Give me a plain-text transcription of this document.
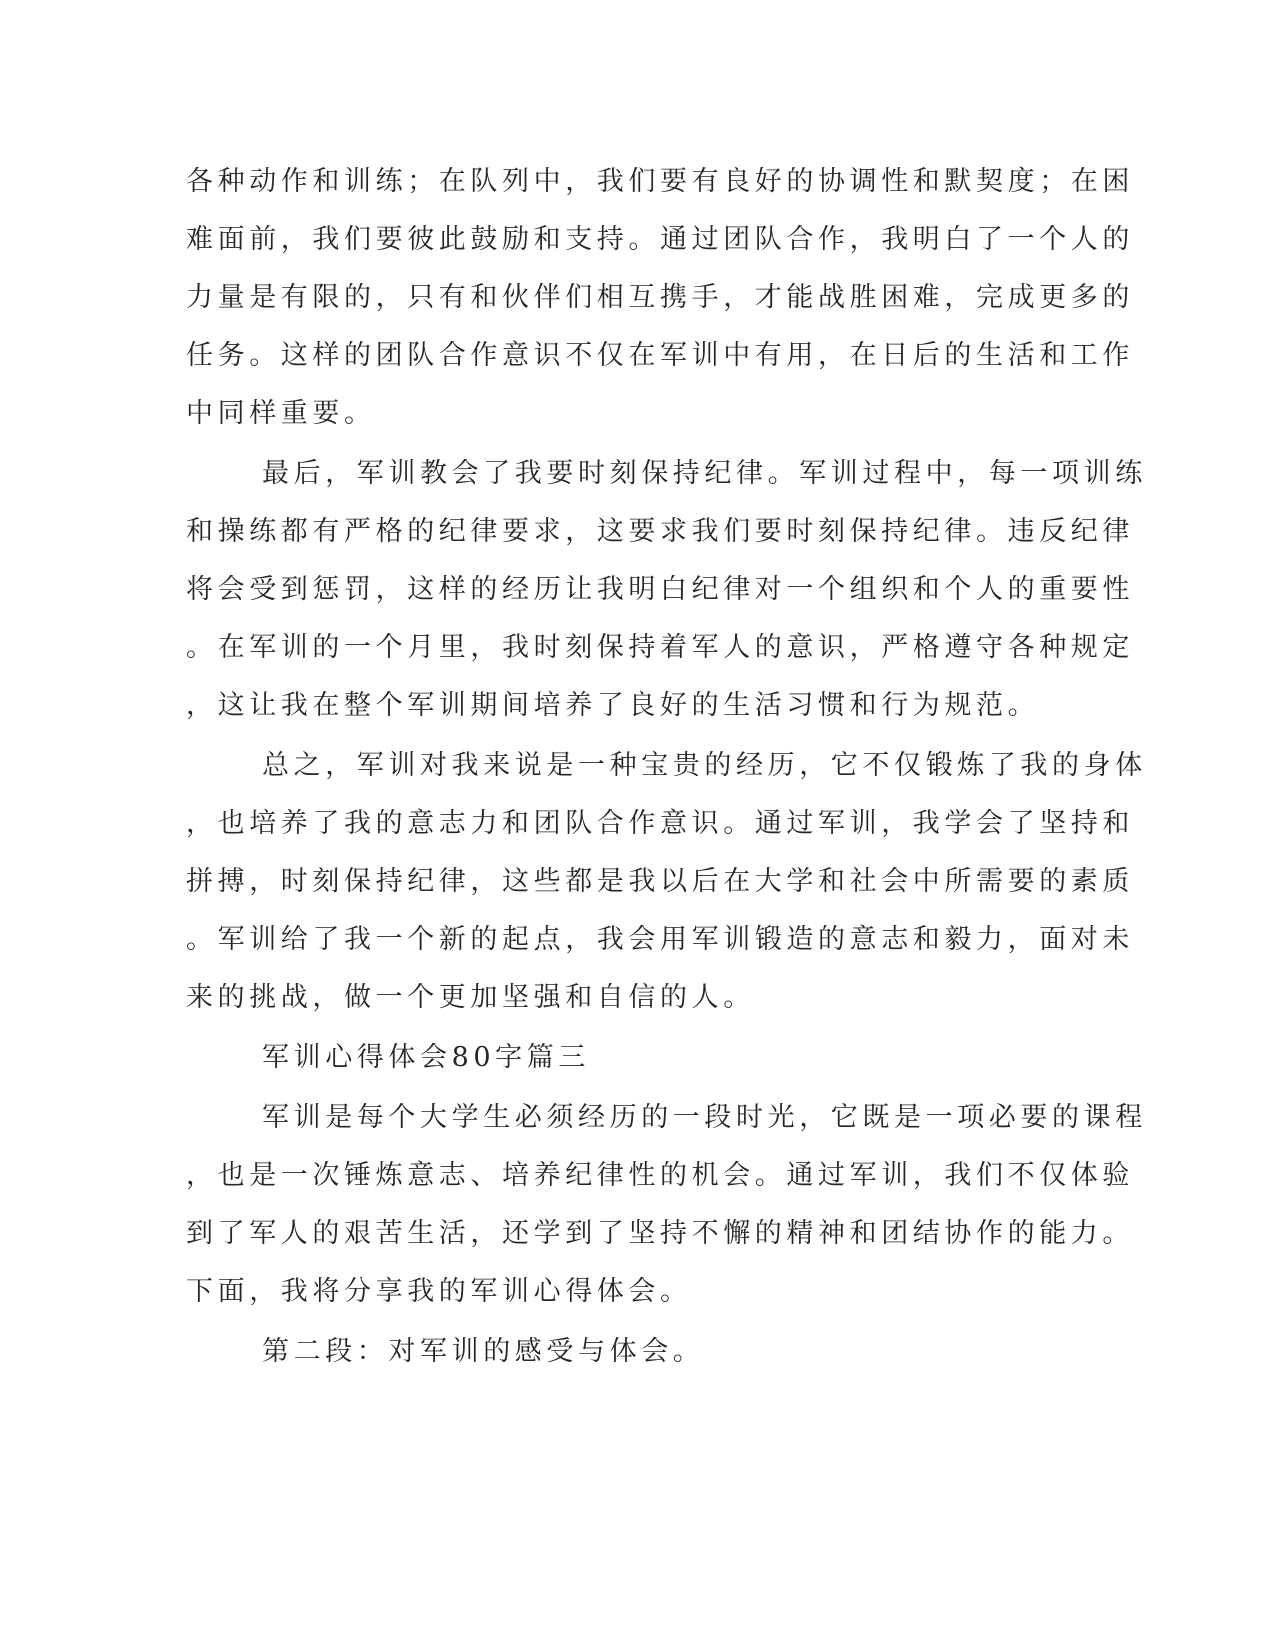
各种动作和训练；在队列中，我们要有良好的协调性和默契度；在困
难面前，我们要彼此鼓励和支持。通过团队合作，我明白了一个人的
力量是有限的，只有和伙伴们相互携手，才能战胜困难，完成更多的
任务。这样的团队合作意识不仅在军训中有用，在日后的生活和工作
中同样重要。
最后，军训教会了我要时刻保持纪律。军训过程中，每一项训练
和操练都有严格的纪律要求，这要求我们要时刻保持纪律。违反纪律
将会受到惩罚，这样的经历让我明白纪律对一个组织和个人的重要性
。在军训的一个月里，我时刻保持着军人的意识，严格遵守各种规定
，这让我在整个军训期间培养了良好的生活习惯和行为规范。
总之，军训对我来说是一种宝贵的经历，它不仅锻炼了我的身体
，也培养了我的意志力和团队合作意识。通过军训，我学会了坚持和
拼搏，时刻保持纪律，这些都是我以后在大学和社会中所需要的素质
。军训给了我一个新的起点，我会用军训锻造的意志和毅力，面对未
来的挑战，做一个更加坚强和自信的人。
军训心得体会80字篇三
军训是每个大学生必须经历的一段时光，它既是一项必要的课程
，也是一次锤炼意志、培养纪律性的机会。通过军训，我们不仅体验
到了军人的艰苦生活，还学到了坚持不懈的精神和团结协作的能力。
下面，我将分享我的军训心得体会。
第二段：对军训的感受与体会。
